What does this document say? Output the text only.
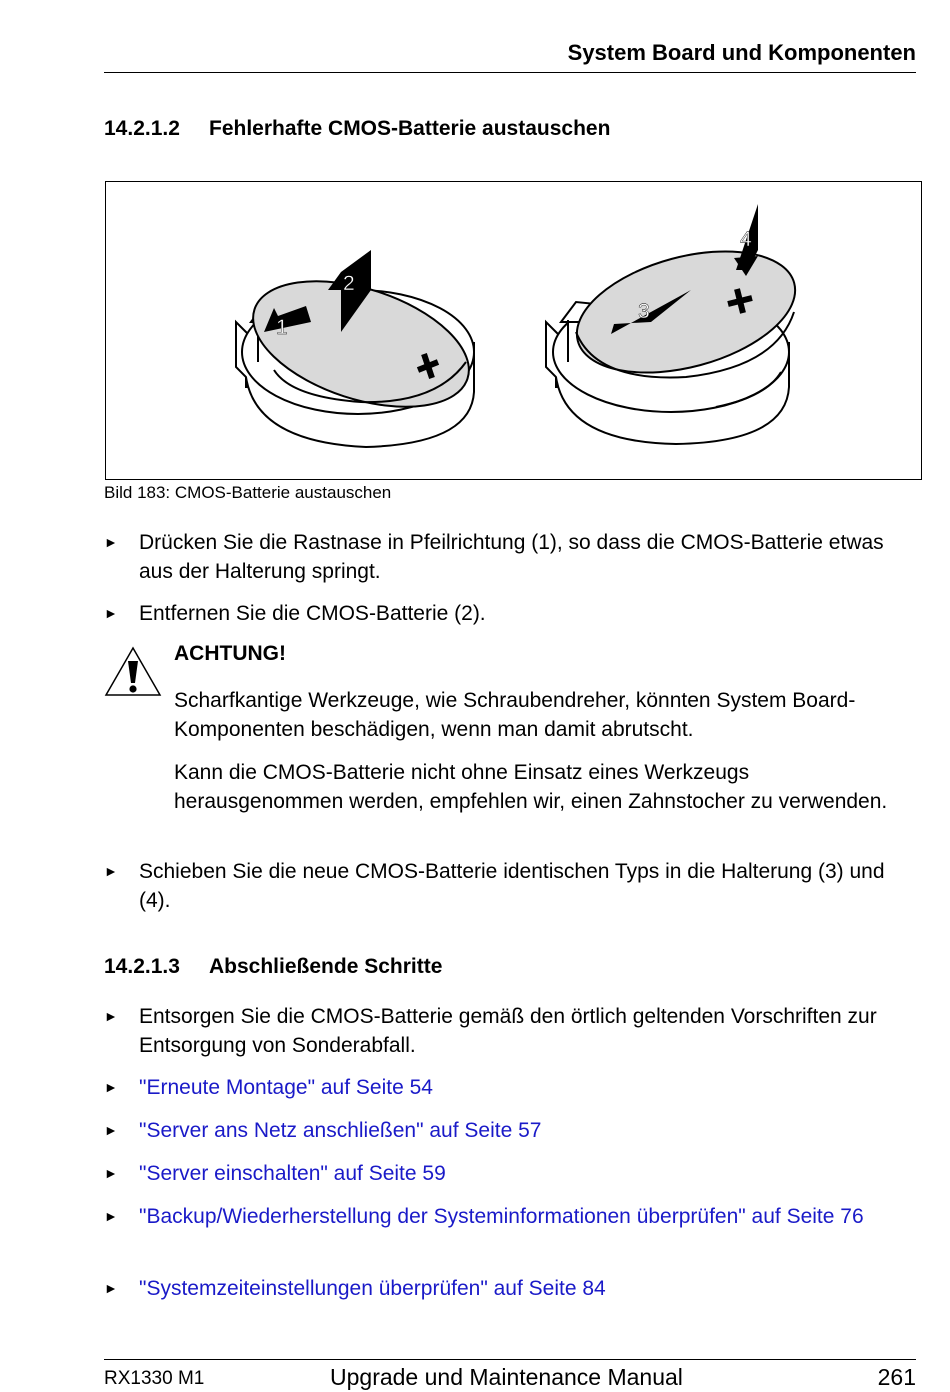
System Board und Komponenten
14.2.1.2 Fehlerhafte CMOS-Batterie austauschen
1
2
3
4
Bild 183: CMOS-Batterie austauschen
► Drücken Sie die Rastnase in Pfeilrichtung (1), so dass die CMOS-Batterie etwas aus der Halterung springt.
► Entfernen Sie die CMOS-Batterie (2).
ACHTUNG!
Scharfkantige Werkzeuge, wie Schraubendreher, könnten System Board-Komponenten beschädigen, wenn man damit abrutscht.
Kann die CMOS-Batterie nicht ohne Einsatz eines Werkzeugs herausgenommen werden, empfehlen wir, einen Zahnstocher zu verwenden.
► Schieben Sie die neue CMOS-Batterie identischen Typs in die Halterung (3) und (4).
14.2.1.3 Abschließende Schritte
► Entsorgen Sie die CMOS-Batterie gemäß den örtlich geltenden Vorschriften zur Entsorgung von Sonderabfall.
► "Erneute Montage" auf Seite 54
► "Server ans Netz anschließen" auf Seite 57
► "Server einschalten" auf Seite 59
► "Backup/Wiederherstellung der Systeminformationen überprüfen" auf Seite 76
► "Systemzeiteinstellungen überprüfen" auf Seite 84
RX1330 M1	Upgrade und Maintenance Manual	261
